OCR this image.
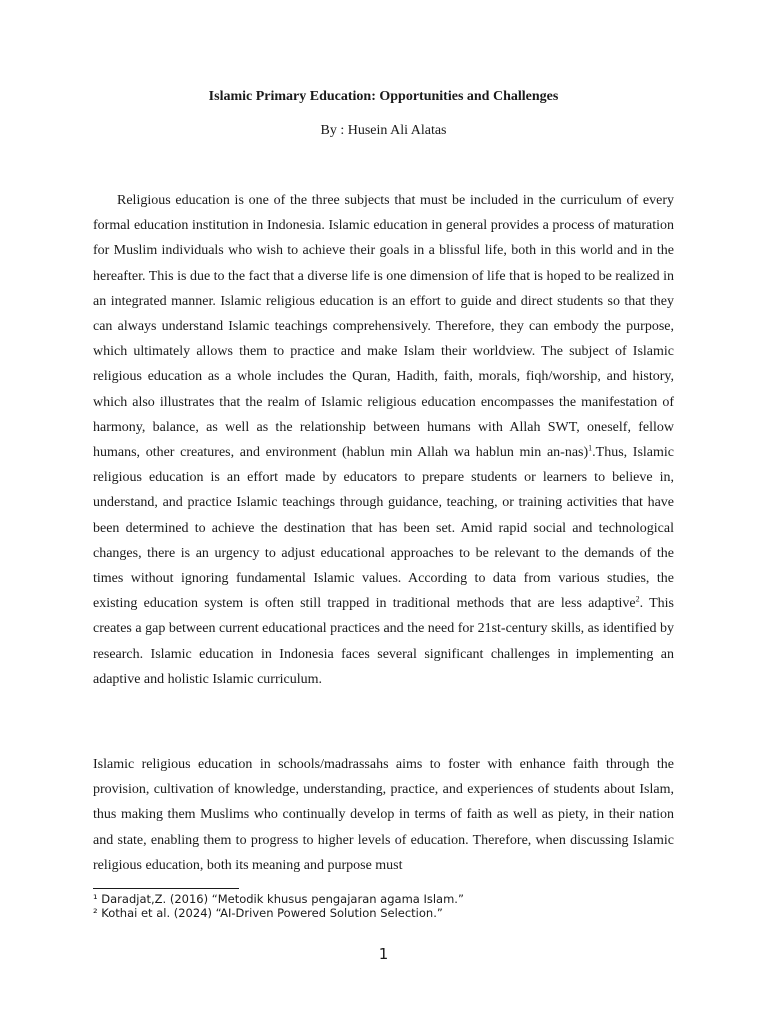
Islamic Primary Education: Opportunities and Challenges
By : Husein Ali Alatas

Religious education is one of the three subjects that must be included in the curriculum of every formal education institution in Indonesia. Islamic education in general provides a process of maturation for Muslim individuals who wish to achieve their goals in a blissful life, both in this world and in the hereafter. This is due to the fact that a diverse life is one dimension of life that is hoped to be realized in an integrated manner. Islamic religious education is an effort to guide and direct students so that they can always understand Islamic teachings comprehensively. Therefore, they can embody the purpose, which ultimately allows them to practice and make Islam their worldview. The subject of Islamic religious education as a whole includes the Quran, Hadith, faith, morals, fiqh/worship, and history, which also illustrates that the realm of Islamic religious education encompasses the manifestation of harmony, balance, as well as the relationship between humans with Allah SWT, oneself, fellow humans, other creatures, and environment (hablun min Allah wa hablun min an-nas)$^1$.Thus, Islamic religious education is an effort made by educators to prepare students or learners to believe in, understand, and practice Islamic teachings through guidance, teaching, or training activities that have been determined to achieve the destination that has been set. Amid rapid social and technological changes, there is an urgency to adjust educational approaches to be relevant to the demands of the times without ignoring fundamental Islamic values. According to data from various studies, the existing education system is often still trapped in traditional methods that are less adaptive$^2$. This creates a gap between current educational practices and the need for 21st-century skills, as identified by research. Islamic education in Indonesia faces several significant challenges in implementing an adaptive and holistic Islamic curriculum.

Islamic religious education in schools/madrassahs aims to foster with enhance faith through the provision, cultivation of knowledge, understanding, practice, and experiences of students about Islam, thus making them Muslims who continually develop in terms of faith as well as piety, in their nation and state, enabling them to progress to higher levels of education. Therefore, when discussing Islamic religious education, both its meaning and purpose must

¹ Daradjat,Z. (2016) “Metodik khusus pengajaran agama Islam.”

² Kothai et al. (2024) “AI-Driven Powered Solution Selection.”

1
